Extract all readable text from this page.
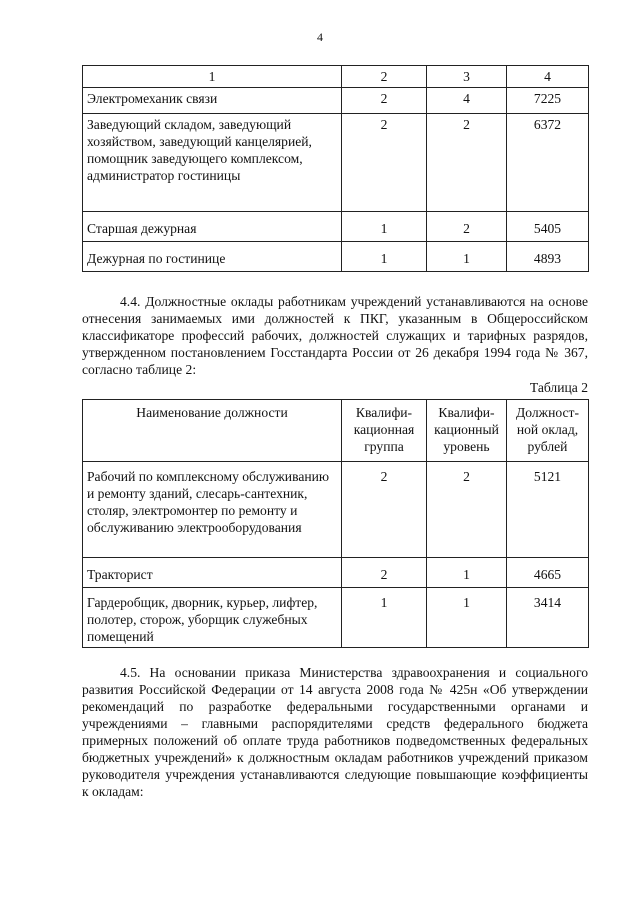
4
1	2	3	4
Электромеханик связи	2	4	7225
Заведующий складом, заведующий хозяйством, заведующий канцелярией, помощник заведующего комплексом, администратор гостиницы	2	2	6372
Старшая дежурная	1	2	5405
Дежурная по гостинице	1	1	4893

4.4. Должностные оклады работникам учреждений устанавливаются на основе отнесения занимаемых ими должностей к ПКГ, указанным в Общероссийском классификаторе профессий рабочих, должностей служащих и тарифных разрядов, утвержденном постановлением Госстандарта России от 26 декабря 1994 года № 367, согласно таблице 2:

Таблица 2
Наименование должности	Квалифи-кационная группа	Квалифи-кационный уровень	Должност-ной оклад, рублей
Рабочий по комплексному обслуживанию и ремонту зданий, слесарь-сантехник, столяр, электромонтер по ремонту и обслуживанию электрооборудования	2	2	5121
Тракторист	2	1	4665
Гардеробщик, дворник, курьер, лифтер, полотер, сторож, уборщик служебных помещений	1	1	3414

4.5. На основании приказа Министерства здравоохранения и социального развития Российской Федерации от 14 августа 2008 года № 425н «Об утверждении рекомендаций по разработке федеральными государственными органами и учреждениями – главными распорядителями средств федерального бюджета примерных положений об оплате труда работников подведомственных федеральных бюджетных учреждений» к должностным окладам работников учреждений приказом руководителя учреждения устанавливаются следующие повышающие коэффициенты к окладам:
